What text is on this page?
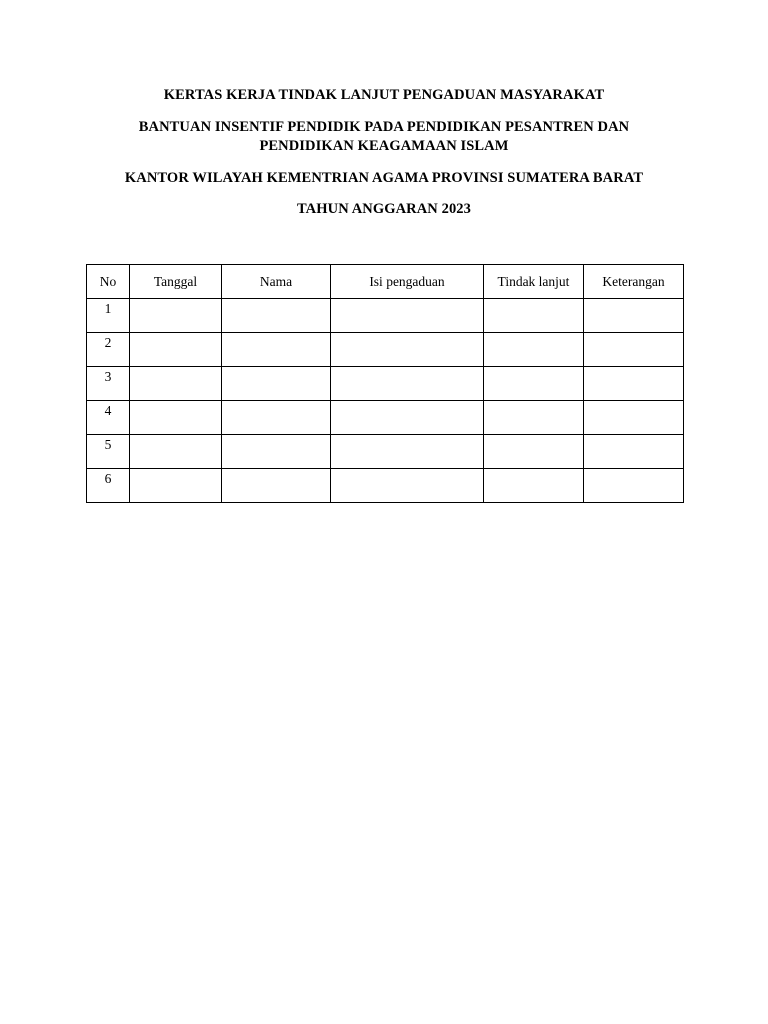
KERTAS KERJA TINDAK LANJUT PENGADUAN MASYARAKAT
BANTUAN INSENTIF PENDIDIK PADA PENDIDIKAN PESANTREN DAN
PENDIDIKAN KEAGAMAAN ISLAM
KANTOR WILAYAH KEMENTRIAN AGAMA PROVINSI SUMATERA BARAT
TAHUN ANGGARAN 2023
No	Tanggal	Nama	Isi pengaduan	Tindak lanjut	Keterangan
1					
2					
3					
4					
5					
6					
